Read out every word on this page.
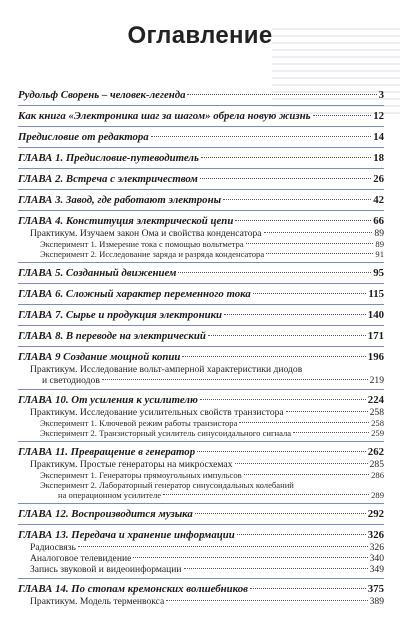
Оглавление
Рудольф Сворень – человек-легенда	3
Как книга «Электроника шаг за шагом» обрела новую жизнь	12
Предисловие от редактора	14
ГЛАВА 1. Предисловие-путеводитель	18
ГЛАВА 2. Встреча с электричеством	26
ГЛАВА 3. Завод, где работают электроны	42
ГЛАВА 4. Конституция электрической цепи	66
Практикум. Изучаем закон Ома и свойства конденсатора	89
Эксперимент 1. Измерение тока с помощью вольтметра	89
Эксперимент 2. Исследование заряда и разряда конденсатора	91
ГЛАВА 5. Созданный движением	95
ГЛАВА 6. Сложный характер переменного тока	115
ГЛАВА 7. Сырье и продукция электроники	140
ГЛАВА 8. В переводе на электрический	171
ГЛАВА 9 Создание мощной копии	196
Практикум. Исследование вольт-амперной характеристики диодов
и светодиодов	219
ГЛАВА 10. От усиления к усилителю	224
Практикум. Исследование усилительных свойств транзистора	258
Эксперимент 1. Ключевой режим работы транзистора	258
Эксперимент 2. Транзисторный усилитель синусоидального сигнала	259
ГЛАВА 11. Превращение в генератор	262
Практикум. Простые генераторы на микросхемах	285
Эксперимент 1. Генераторы прямоугольных импульсов	286
Эксперимент 2. Лабораторный генератор синусоидальных колебаний
на операционном усилителе	289
ГЛАВА 12. Воспроизводится музыка	292
ГЛАВА 13. Передача и хранение информации	326
Радиосвязь	326
Аналоговое телевидение	340
Запись звуковой и видеоинформации	349
ГЛАВА 14. По стопам кремонских волшебников	375
Практикум. Модель терменвокса	389
